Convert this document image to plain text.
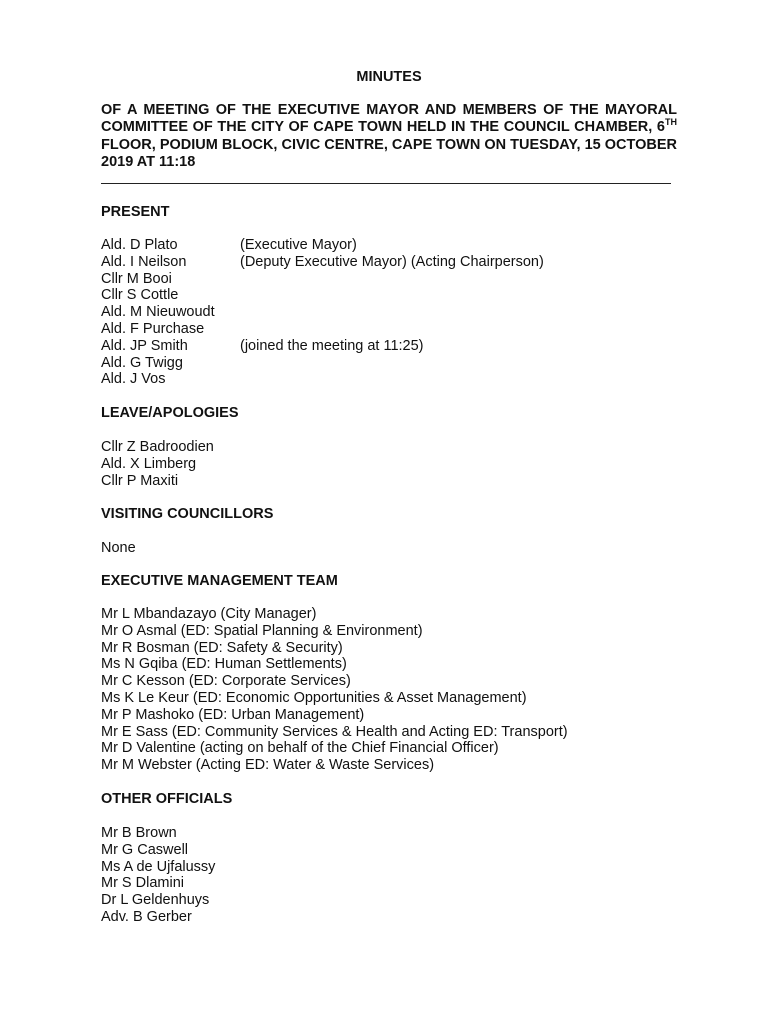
MINUTES
OF A MEETING OF THE EXECUTIVE MAYOR AND MEMBERS OF THE MAYORAL COMMITTEE OF THE CITY OF CAPE TOWN HELD IN THE COUNCIL CHAMBER, 6TH FLOOR, PODIUM BLOCK, CIVIC CENTRE, CAPE TOWN ON TUESDAY, 15 OCTOBER 2019 AT 11:18
PRESENT
Ald. D Plato	(Executive Mayor)
Ald. I Neilson	(Deputy Executive Mayor) (Acting Chairperson)
Cllr M Booi
Cllr S Cottle
Ald. M Nieuwoudt
Ald. F Purchase
Ald. JP Smith	(joined the meeting at 11:25)
Ald. G Twigg
Ald. J Vos
LEAVE/APOLOGIES
Cllr Z Badroodien
Ald. X Limberg
Cllr P Maxiti
VISITING COUNCILLORS
None
EXECUTIVE MANAGEMENT TEAM
Mr L Mbandazayo (City Manager)
Mr O Asmal (ED: Spatial Planning & Environment)
Mr R Bosman (ED: Safety & Security)
Ms N Gqiba (ED: Human Settlements)
Mr C Kesson (ED: Corporate Services)
Ms K Le Keur (ED: Economic Opportunities & Asset Management)
Mr P Mashoko (ED: Urban Management)
Mr E Sass (ED: Community Services & Health and Acting ED: Transport)
Mr D Valentine (acting on behalf of the Chief Financial Officer)
Mr M Webster (Acting ED: Water & Waste Services)
OTHER OFFICIALS
Mr B Brown
Mr G Caswell
Ms A de Ujfalussy
Mr S Dlamini
Dr L Geldenhuys
Adv. B Gerber
